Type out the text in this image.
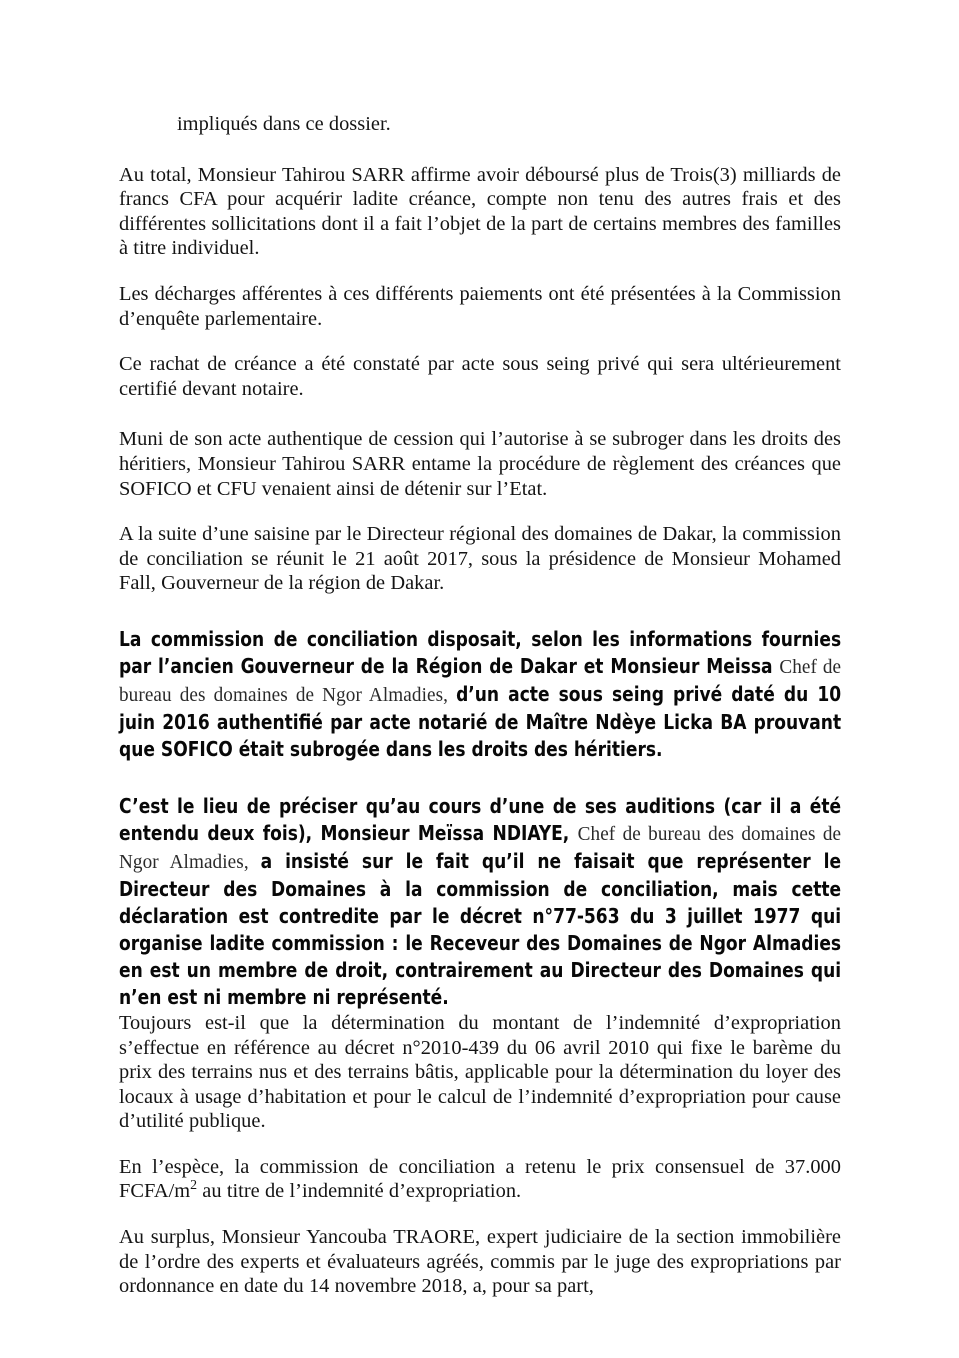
impliqués dans ce dossier.

Au total, Monsieur Tahirou SARR affirme avoir déboursé plus de Trois(3) milliards de francs CFA pour acquérir ladite créance, compte non tenu des autres frais et des différentes sollicitations dont il a fait l’objet de la part de certains membres des familles à titre individuel.

Les décharges afférentes à ces différents paiements ont été présentées à la Commission d’enquête parlementaire.

Ce rachat de créance a été constaté par acte sous seing privé qui sera ultérieurement certifié devant notaire.

Muni de son acte authentique de cession qui l’autorise à se subroger dans les droits des héritiers, Monsieur Tahirou SARR entame la procédure de règlement des créances que SOFICO et CFU venaient ainsi de détenir sur l’Etat.

A la suite d’une saisine par le Directeur régional des domaines de Dakar, la commission de conciliation se réunit le 21 août 2017, sous la présidence de Monsieur Mohamed Fall, Gouverneur de la région de Dakar.

La commission de conciliation disposait, selon les informations fournies par l’ancien Gouverneur de la Région de Dakar et Monsieur Meissa Chef de bureau des domaines de Ngor Almadies, d’un acte sous seing privé daté du 10 juin 2016 authentifié par acte notarié de Maître Ndèye Licka BA prouvant que SOFICO était subrogée dans les droits des héritiers.

C’est le lieu de préciser qu’au cours d’une de ses auditions (car il a été entendu deux fois), Monsieur Meïssa NDIAYE, Chef de bureau des domaines de Ngor Almadies, a insisté sur le fait qu’il ne faisait que représenter le Directeur des Domaines à la commission de conciliation, mais cette déclaration est contredite par le décret n°77-563 du 3 juillet 1977 qui organise ladite commission : le Receveur des Domaines de Ngor Almadies en est un membre de droit, contrairement au Directeur des Domaines qui n’en est ni membre ni représenté.

Toujours est-il que la détermination du montant de l’indemnité d’expropriation s’effectue en référence au décret n°2010-439 du 06 avril 2010 qui fixe le barème du prix des terrains nus et des terrains bâtis, applicable pour la détermination du loyer des locaux à usage d’habitation et pour le calcul de l’indemnité d’expropriation pour cause d’utilité publique.

En l’espèce, la commission de conciliation a retenu le prix consensuel de 37.000 FCFA/$m^2$ au titre de l’indemnité d’expropriation.

Au surplus, Monsieur Yancouba TRAORE, expert judiciaire de la section immobilière de l’ordre des experts et évaluateurs agréés, commis par le juge des expropriations par ordonnance en date du 14 novembre 2018, a, pour sa part,
